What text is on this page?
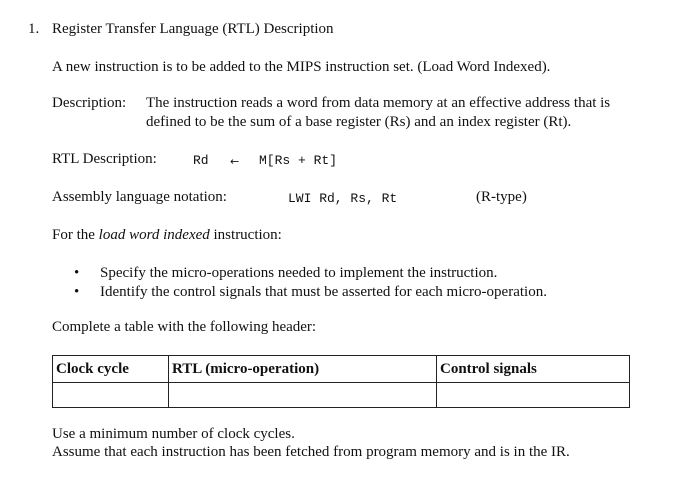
1. Register Transfer Language (RTL) Description
A new instruction is to be added to the MIPS instruction set. (Load Word Indexed).
Description: The instruction reads a word from data memory at an effective address that is
defined to be the sum of a base register (Rs) and an index register (Rt).
RTL Description:	Rd ← M[Rs + Rt]
Assembly language notation:	LWI Rd, Rs, Rt	(R-type)
For the load word indexed instruction:
• Specify the micro-operations needed to implement the instruction.
• Identify the control signals that must be asserted for each micro-operation.
Complete a table with the following header:
Clock cycle	RTL (micro-operation)	Control signals

Use a minimum number of clock cycles.
Assume that each instruction has been fetched from program memory and is in the IR.
